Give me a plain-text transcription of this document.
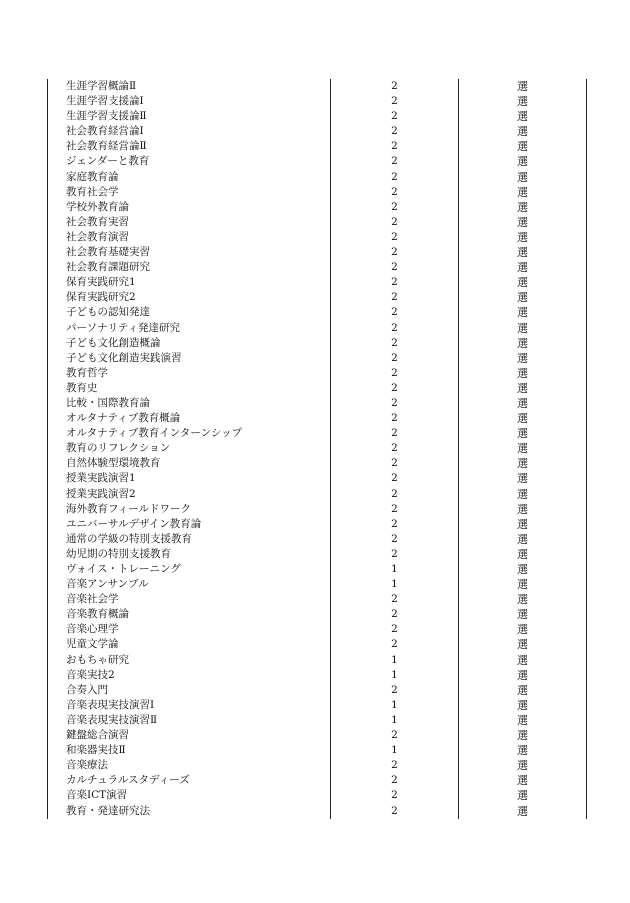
生涯学習概論Ⅱ	2	選
生涯学習支援論Ⅰ	2	選
生涯学習支援論Ⅱ	2	選
社会教育経営論Ⅰ	2	選
社会教育経営論Ⅱ	2	選
ジェンダーと教育	2	選
家庭教育論	2	選
教育社会学	2	選
学校外教育論	2	選
社会教育実習	2	選
社会教育演習	2	選
社会教育基礎実習	2	選
社会教育課題研究	2	選
保育実践研究1	2	選
保育実践研究2	2	選
子どもの認知発達	2	選
パーソナリティ発達研究	2	選
子ども文化創造概論	2	選
子ども文化創造実践演習	2	選
教育哲学	2	選
教育史	2	選
比較・国際教育論	2	選
オルタナティブ教育概論	2	選
オルタナティブ教育インターンシップ	2	選
教育のリフレクション	2	選
自然体験型環境教育	2	選
授業実践演習1	2	選
授業実践演習2	2	選
海外教育フィールドワーク	2	選
ユニバーサルデザイン教育論	2	選
通常の学級の特別支援教育	2	選
幼児期の特別支援教育	2	選
ヴォイス・トレーニング	1	選
音楽アンサンブル	1	選
音楽社会学	2	選
音楽教育概論	2	選
音楽心理学	2	選
児童文学論	2	選
おもちゃ研究	1	選
音楽実技2	1	選
合奏入門	2	選
音楽表現実技演習Ⅰ	1	選
音楽表現実技演習Ⅱ	1	選
鍵盤総合演習	2	選
和楽器実技Ⅱ	1	選
音楽療法	2	選
カルチュラルスタディーズ	2	選
音楽ICT演習	2	選
教育・発達研究法	2	選
